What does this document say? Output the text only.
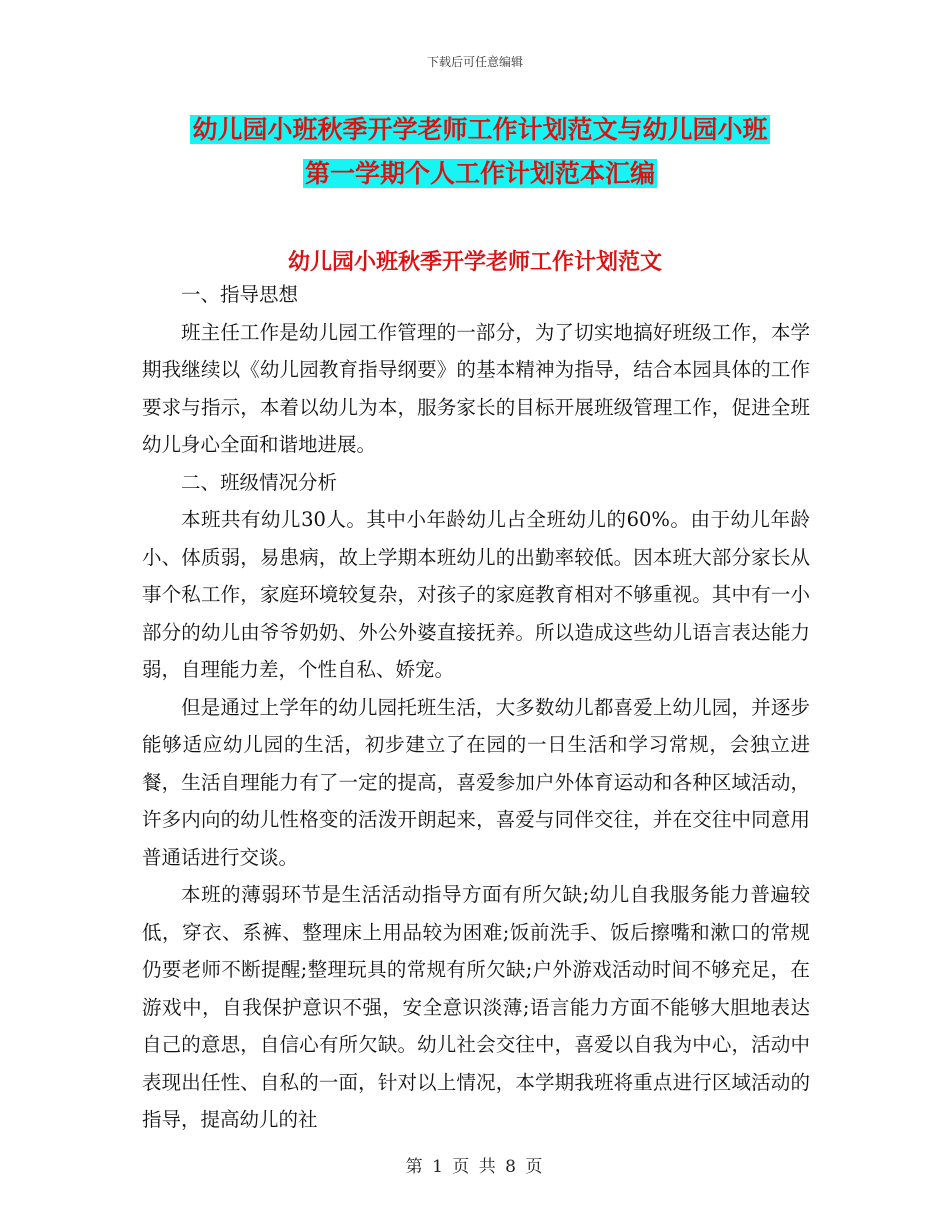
下载后可任意编辑
幼儿园小班秋季开学老师工作计划范文与幼儿园小班
第一学期个人工作计划范本汇编
幼儿园小班秋季开学老师工作计划范文

一、指导思想

班主任工作是幼儿园工作管理的一部分，为了切实地搞好班级工作，本学期我继续以《幼儿园教育指导纲要》的基本精神为指导，结合本园具体的工作要求与指示，本着以幼儿为本，服务家长的目标开展班级管理工作，促进全班幼儿身心全面和谐地进展。

二、班级情况分析

本班共有幼儿30人。其中小年龄幼儿占全班幼儿的60%。由于幼儿年龄小、体质弱，易患病，故上学期本班幼儿的出勤率较低。因本班大部分家长从事个私工作，家庭环境较复杂，对孩子的家庭教育相对不够重视。其中有一小部分的幼儿由爷爷奶奶、外公外婆直接抚养。所以造成这些幼儿语言表达能力弱，自理能力差，个性自私、娇宠。

但是通过上学年的幼儿园托班生活，大多数幼儿都喜爱上幼儿园，并逐步能够适应幼儿园的生活，初步建立了在园的一日生活和学习常规，会独立进餐，生活自理能力有了一定的提高，喜爱参加户外体育运动和各种区域活动，许多内向的幼儿性格变的活泼开朗起来，喜爱与同伴交往，并在交往中同意用普通话进行交谈。

本班的薄弱环节是生活活动指导方面有所欠缺;幼儿自我服务能力普遍较低，穿衣、系裤、整理床上用品较为困难;饭前洗手、饭后擦嘴和漱口的常规仍要老师不断提醒;整理玩具的常规有所欠缺;户外游戏活动时间不够充足，在游戏中，自我保护意识不强，安全意识淡薄;语言能力方面不能够大胆地表达自己的意思，自信心有所欠缺。幼儿社会交往中，喜爱以自我为中心，活动中表现出任性、自私的一面，针对以上情况，本学期我班将重点进行区域活动的指导，提高幼儿的社

第 1 页 共 8 页
